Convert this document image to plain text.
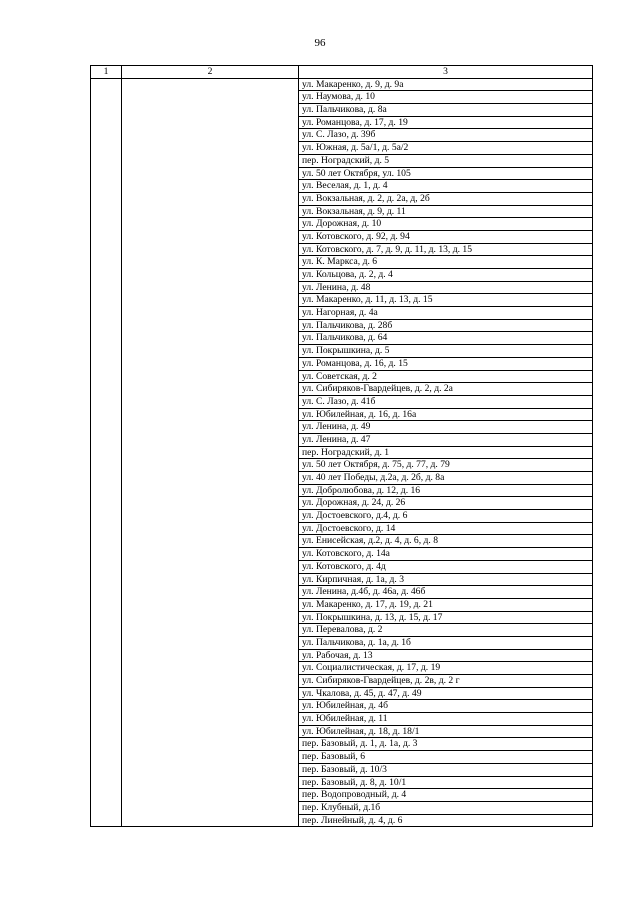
96
1	2	3
		ул. Макаренко, д. 9, д. 9а
		ул. Наумова, д. 10
		ул. Пальчикова, д. 8а
		ул. Романцова, д. 17, д. 19
		ул. С. Лазо, д. 39б
		ул. Южная, д. 5а/1, д. 5а/2
		пер. Ноградский, д. 5
		ул. 50 лет Октября, ул. 105
		ул. Веселая, д. 1, д. 4
		ул. Вокзальная, д. 2, д. 2а, д, 2б
		ул. Вокзальная, д. 9, д. 11
		ул. Дорожная, д. 10
		ул. Котовского, д. 92, д. 94
		ул. Котовского, д. 7, д. 9, д. 11, д. 13, д. 15
		ул. К. Маркса, д. 6
		ул. Кольцова, д. 2, д. 4
		ул. Ленина, д. 48
		ул. Макаренко, д. 11, д. 13, д. 15
		ул. Нагорная, д. 4а
		ул. Пальчикова, д. 28б
		ул. Пальчикова, д. 64
		ул. Покрышкина, д. 5
		ул. Романцова, д. 16, д. 15
		ул. Советская, д. 2
		ул. Сибиряков-Гвардейцев, д. 2, д. 2а
		ул. С. Лазо, д. 41б
		ул. Юбилейная, д. 16, д. 16а
		ул. Ленина, д. 49
		ул. Ленина, д. 47
		пер. Ноградский, д. 1
		ул. 50 лет Октября, д. 75, д. 77, д. 79
		ул. 40 лет Победы, д.2а, д. 2б, д. 8а
		ул. Добролюбова, д. 12, д. 16
		ул. Дорожная, д. 24, д. 26
		ул. Достоевского, д.4, д. 6
		ул. Достоевского, д. 14
		ул. Енисейская, д.2, д. 4, д. 6, д. 8
		ул. Котовского, д. 14а
		ул. Котовского, д. 4д
		ул. Кирпичная, д. 1а, д. 3
		ул. Ленина, д.4б, д. 46а, д. 46б
		ул. Макаренко, д. 17, д. 19, д. 21
		ул. Покрышкина, д. 13, д. 15, д. 17
		ул. Перевалова, д. 2
		ул. Пальчикова, д. 1а, д. 1б
		ул. Рабочая, д. 13
		ул. Социалистическая, д. 17, д. 19
		ул. Сибиряков-Гвардейцев, д. 2в, д. 2 г
		ул. Чкалова, д. 45, д. 47, д. 49
		ул. Юбилейная, д. 4б
		ул. Юбилейная, д. 11
		ул. Юбилейная, д. 18, д. 18/1
		пер. Базовый, д. 1, д. 1а, д. 3
		пер. Базовый, 6
		пер. Базовый, д. 10/3
		пер. Базовый, д. 8, д. 10/1
		пер. Водопроводный, д. 4
		пер. Клубный, д.1б
		пер. Линейный, д. 4, д. 6
